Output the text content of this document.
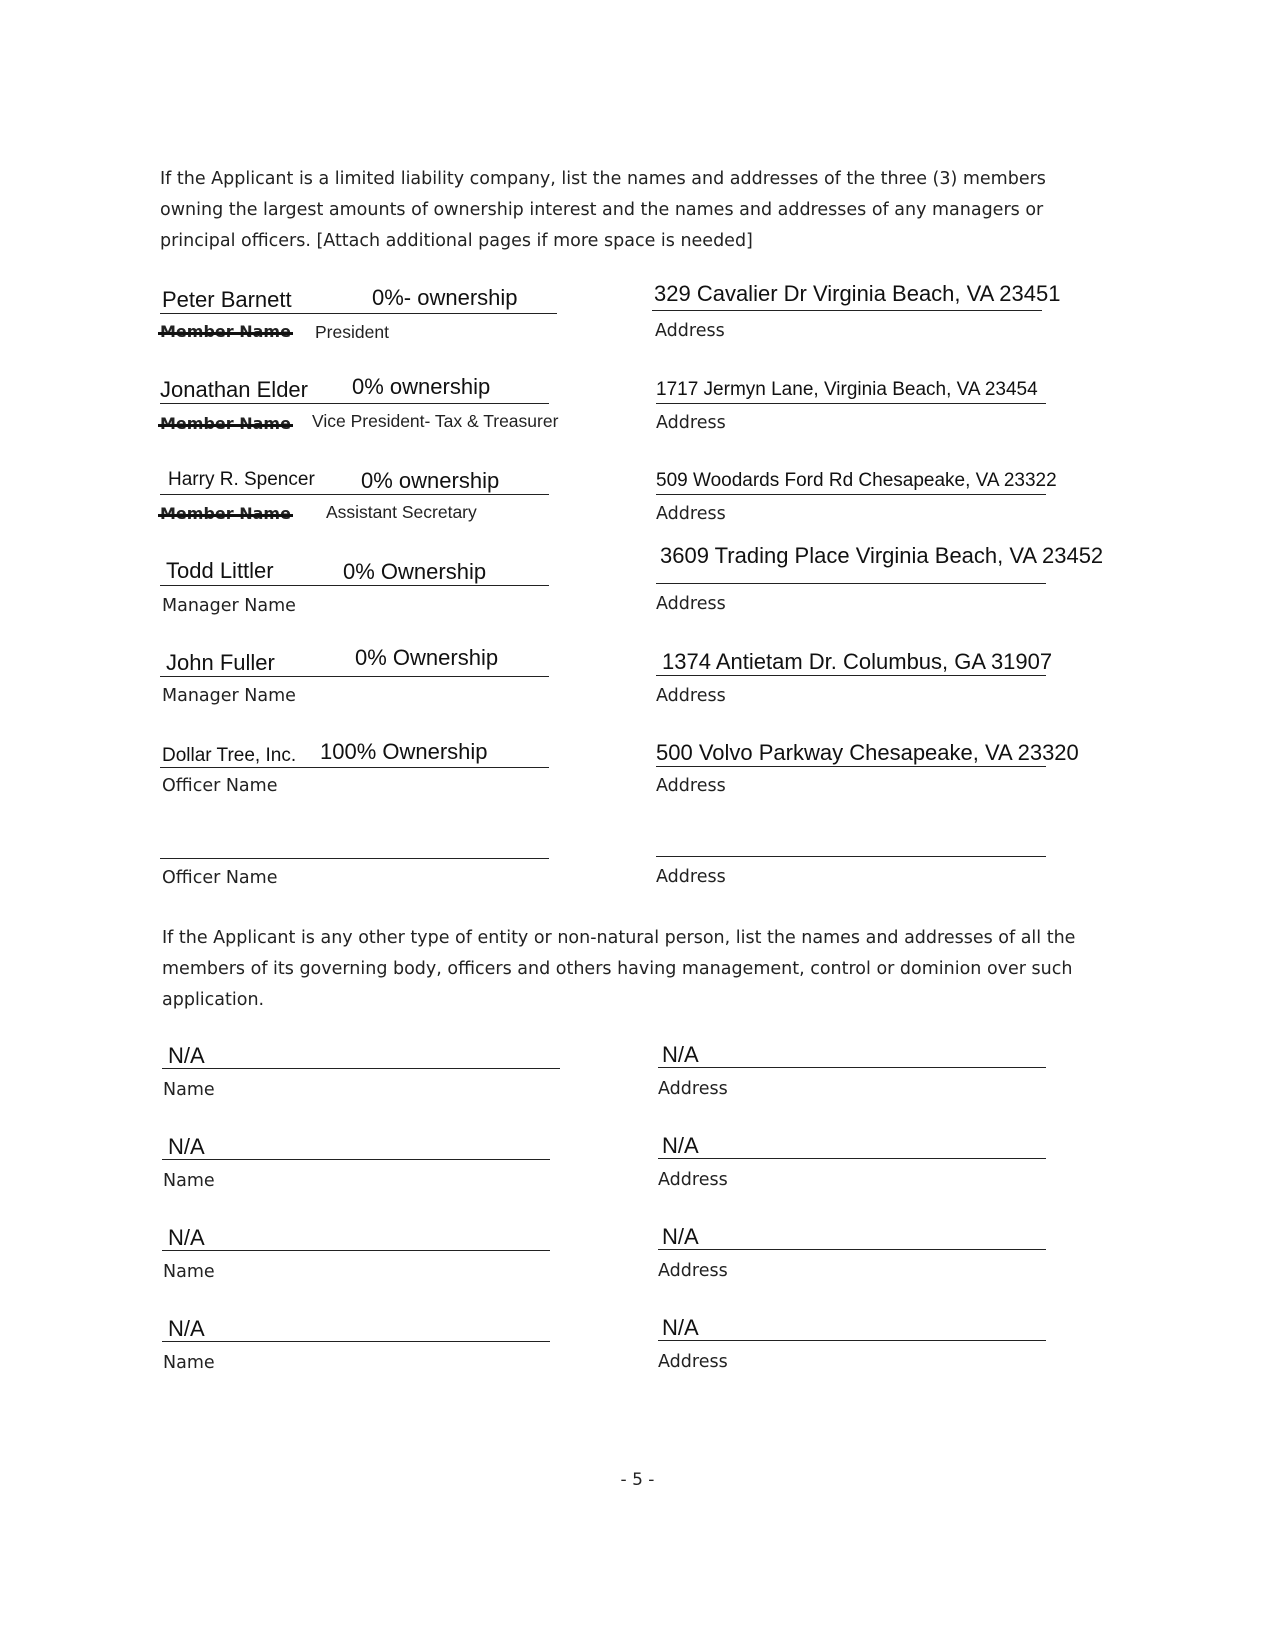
If the Applicant is a limited liability company, list the names and addresses of the three (3) members owning the largest amounts of ownership interest and the names and addresses of any managers or principal officers. [Attach additional pages if more space is needed]
Peter Barnett	0%- ownership
Member Name President
329 Cavalier Dr Virginia Beach, VA 23451
Address
Jonathan Elder 0% ownership
Member Name Vice President- Tax & Treasurer
1717 Jermyn Lane, Virginia Beach, VA 23454
Address
Harry R. Spencer 0% ownership
Member Name Assistant Secretary
509 Woodards Ford Rd Chesapeake, VA 23322
Address
Todd Littler	0% Ownership
Manager Name
3609 Trading Place Virginia Beach, VA 23452
Address
John Fuller	0% Ownership
Manager Name
1374 Antietam Dr. Columbus, GA 31907
Address
Dollar Tree, Inc. 100% Ownership
Officer Name
500 Volvo Parkway Chesapeake, VA 23320
Address
Officer Name	Address
If the Applicant is any other type of entity or non-natural person, list the names and addresses of all the members of its governing body, officers and others having management, control or dominion over such application.
N/A
Name
N/A
Address
N/A
Name
N/A
Address
N/A
Name
N/A
Address
N/A
Name
N/A
Address
- 5 -
